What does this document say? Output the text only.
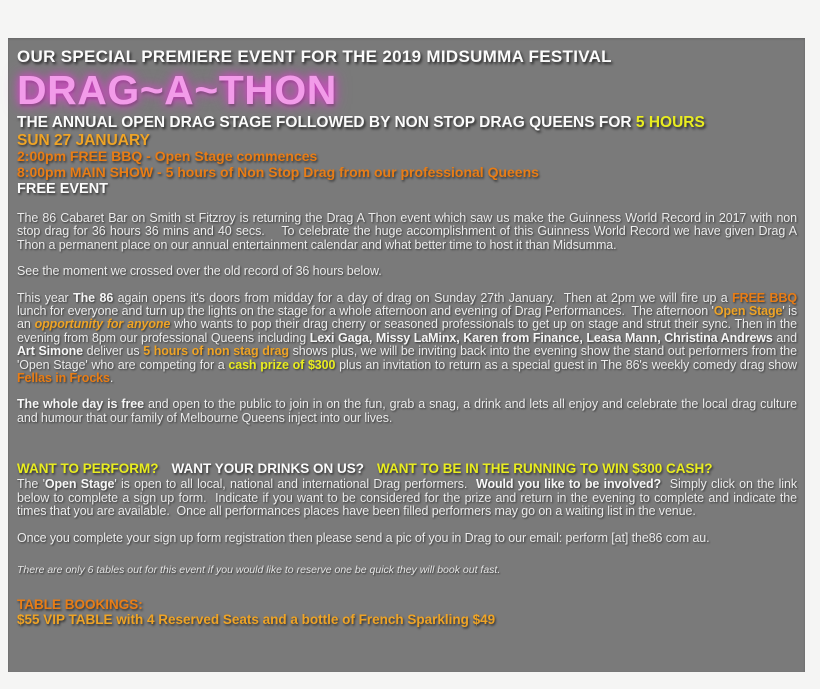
OUR SPECIAL PREMIERE EVENT FOR THE 2019 MIDSUMMA FESTIVAL
DRAG~A~THON
THE ANNUAL OPEN DRAG STAGE FOLLOWED BY NON STOP DRAG QUEENS FOR 5 HOURS
SUN 27 JANUARY
2:00pm FREE BBQ - Open Stage commences
8:00pm MAIN SHOW - 5 hours of Non Stop Drag from our professional Queens
FREE EVENT
The 86 Cabaret Bar on Smith st Fitzroy is returning the Drag A Thon event which saw us make the Guinness World Record in 2017 with non stop drag for 36 hours 36 mins and 40 secs.    To celebrate the huge accomplishment of this Guinness World Record we have given Drag A Thon a permanent place on our annual entertainment calendar and what better time to host it than Midsumma.
See the moment we crossed over the old record of 36 hours below.
This year The 86 again opens it's doors from midday for a day of drag on Sunday 27th January.  Then at 2pm we will fire up a FREE BBQ lunch for everyone and turn up the lights on the stage for a whole afternoon and evening of Drag Performances.  The afternoon 'Open Stage' is an opportunity for anyone who wants to pop their drag cherry or seasoned professionals to get up on stage and strut their sync. Then in the evening from 8pm our professional Queens including Lexi Gaga, Missy LaMinx, Karen from Finance, Leasa Mann, Christina Andrews and Art Simone deliver us 5 hours of non stag drag shows plus, we will be inviting back into the evening show the stand out performers from the 'Open Stage' who are competing for a cash prize of $300 plus an invitation to return as a special guest in The 86's weekly comedy drag show Fellas in Frocks.
The whole day is free and open to the public to join in on the fun, grab a snag, a drink and lets all enjoy and celebrate the local drag culture and humour that our family of Melbourne Queens inject into our lives.
WANT TO PERFORM? WANT YOUR DRINKS ON US? WANT TO BE IN THE RUNNING TO WIN $300 CASH?
The 'Open Stage' is open to all local, national and international Drag performers.  Would you like to be involved?  Simply click on the link below to complete a sign up form.  Indicate if you want to be considered for the prize and return in the evening to complete and indicate the times that you are available.  Once all performances places have been filled performers may go on a waiting list in the venue.
Once you complete your sign up form registration then please send a pic of you in Drag to our email: perform [at] the86 com au.
There are only 6 tables out for this event if you would like to reserve one be quick they will book out fast.
TABLE BOOKINGS:
$55 VIP TABLE with 4 Reserved Seats and a bottle of French Sparkling $49
